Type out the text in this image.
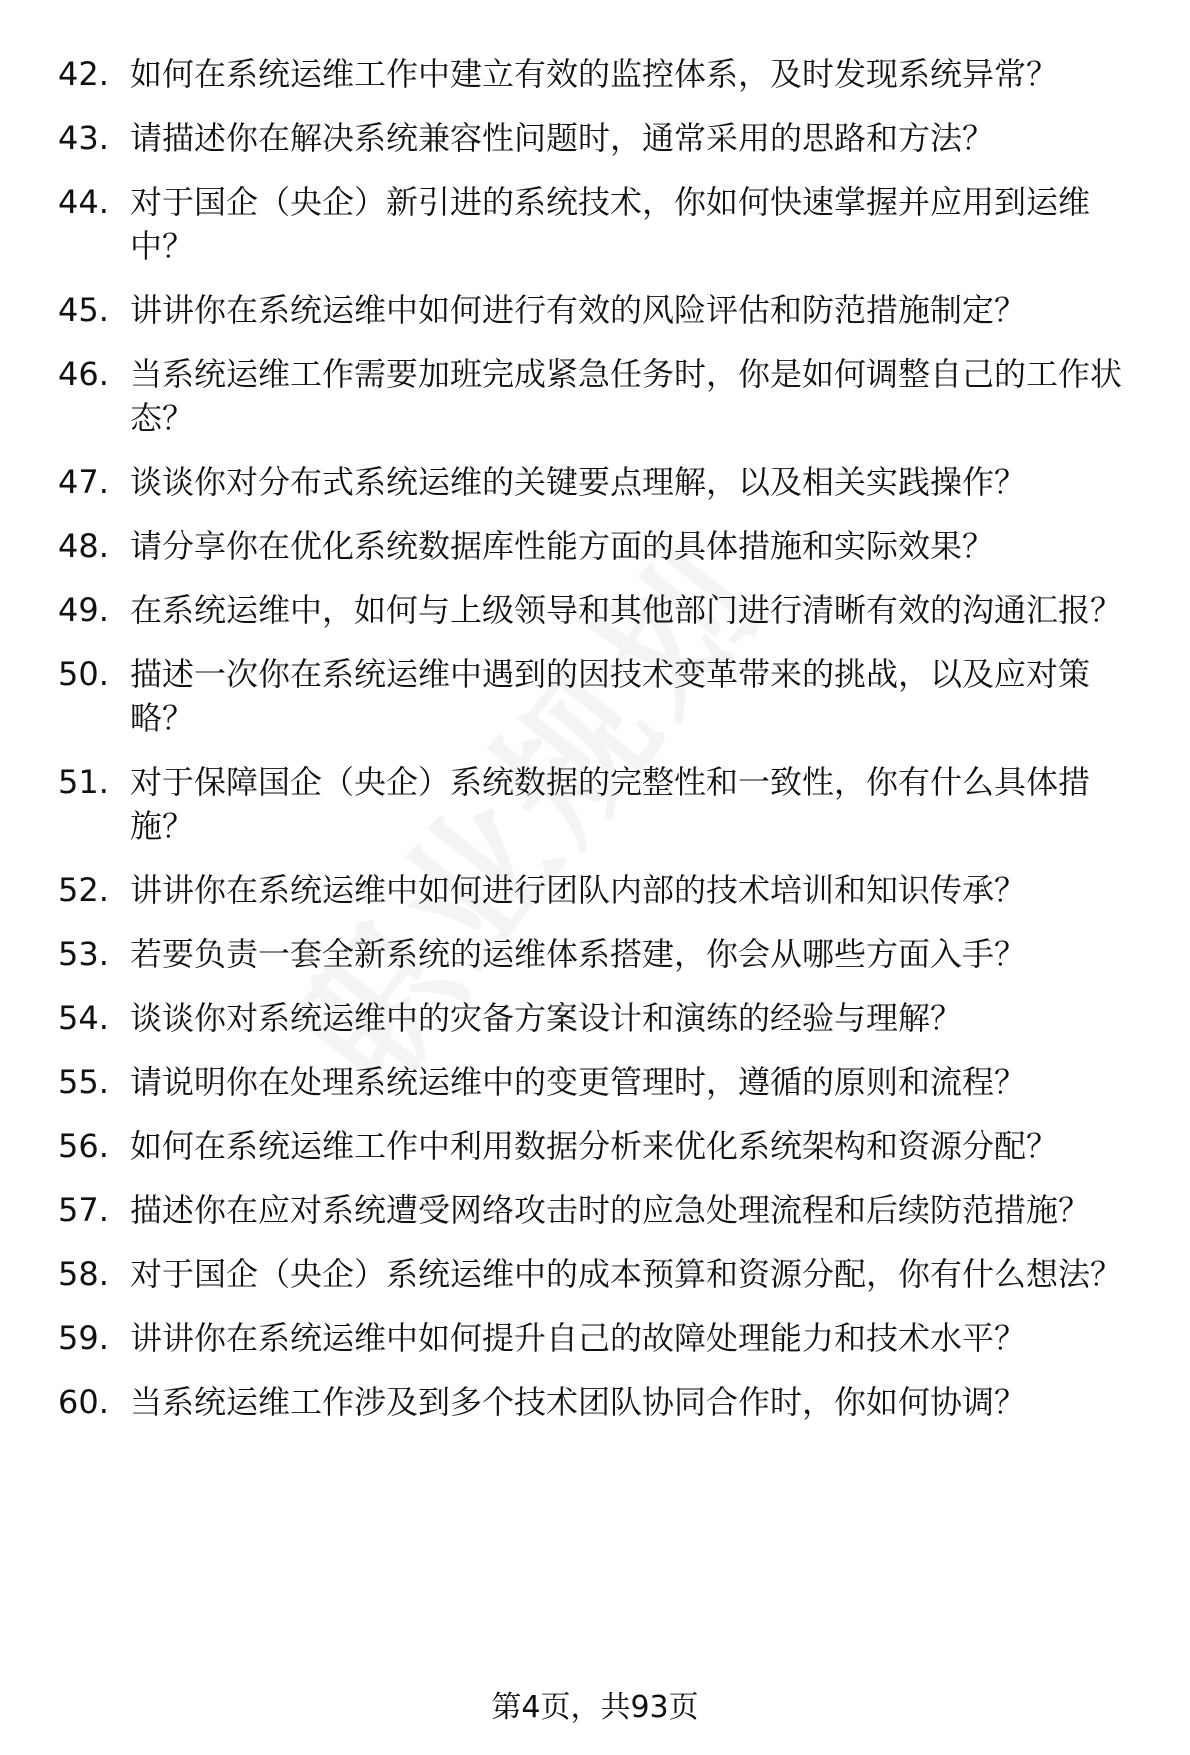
42. 如何在系统运维工作中建立有效的监控体系，及时发现系统异常？
43. 请描述你在解决系统兼容性问题时，通常采用的思路和方法？
44. 对于国企（央企）新引进的系统技术，你如何快速掌握并应用到运维中？
45. 讲讲你在系统运维中如何进行有效的风险评估和防范措施制定？
46. 当系统运维工作需要加班完成紧急任务时，你是如何调整自己的工作状态？
47. 谈谈你对分布式系统运维的关键要点理解，以及相关实践操作？
48. 请分享你在优化系统数据库性能方面的具体措施和实际效果？
49. 在系统运维中，如何与上级领导和其他部门进行清晰有效的沟通汇报？
50. 描述一次你在系统运维中遇到的因技术变革带来的挑战，以及应对策略？
51. 对于保障国企（央企）系统数据的完整性和一致性，你有什么具体措施？
52. 讲讲你在系统运维中如何进行团队内部的技术培训和知识传承？
53. 若要负责一套全新系统的运维体系搭建，你会从哪些方面入手？
54. 谈谈你对系统运维中的灾备方案设计和演练的经验与理解？
55. 请说明你在处理系统运维中的变更管理时，遵循的原则和流程？
56. 如何在系统运维工作中利用数据分析来优化系统架构和资源分配？
57. 描述你在应对系统遭受网络攻击时的应急处理流程和后续防范措施？
58. 对于国企（央企）系统运维中的成本预算和资源分配，你有什么想法？
59. 讲讲你在系统运维中如何提升自己的故障处理能力和技术水平？
60. 当系统运维工作涉及到多个技术团队协同合作时，你如何协调？
第4页，共93页
